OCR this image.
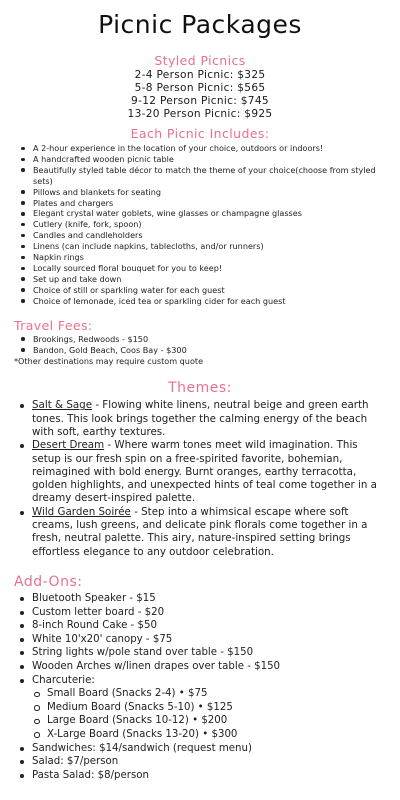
Picnic Packages
Styled Picnics
2-4 Person Picnic: $325
5-8 Person Picnic: $565
9-12 Person Picnic: $745
13-20 Person Picnic: $925
Each Picnic Includes:
A 2-hour experience in the location of your choice, outdoors or indoors!
A handcrafted wooden picnic table
Beautifully styled table décor to match the theme of your choice(choose from styled sets)
Pillows and blankets for seating
Plates and chargers
Elegant crystal water goblets, wine glasses or champagne glasses
Cutlery (knife, fork, spoon)
Candles and candleholders
Linens (can include napkins, tablecloths, and/or runners)
Napkin rings
Locally sourced floral bouquet for you to keep!
Set up and take down
Choice of still or sparkling water for each guest
Choice of lemonade, iced tea or sparkling cider for each guest
Travel Fees:
Brookings, Redwoods - $150
Bandon, Gold Beach, Coos Bay - $300
*Other destinations may require custom quote
Themes:
Salt & Sage - Flowing white linens, neutral beige and green earth tones. This look brings together the calming energy of the beach with soft, earthy textures.
Desert Dream - Where warm tones meet wild imagination. This setup is our fresh spin on a free-spirited favorite, bohemian, reimagined with bold energy. Burnt oranges, earthy terracotta, golden highlights, and unexpected hints of teal come together in a dreamy desert-inspired palette.
Wild Garden Soirée - Step into a whimsical escape where soft creams, lush greens, and delicate pink florals come together in a fresh, neutral palette. This airy, nature-inspired setting brings effortless elegance to any outdoor celebration.
Add-Ons:
Bluetooth Speaker - $15
Custom letter board - $20
8-inch Round Cake - $50
White 10'x20' canopy - $75
String lights w/pole stand over table - $150
Wooden Arches w/linen drapes over table - $150
Charcuterie:
Small Board (Snacks 2-4) • $75
Medium Board (Snacks 5-10) • $125
Large Board (Snacks 10-12) • $200
X-Large Board (Snacks 13-20) • $300
Sandwiches: $14/sandwich (request menu)
Salad: $7/person
Pasta Salad: $8/person
